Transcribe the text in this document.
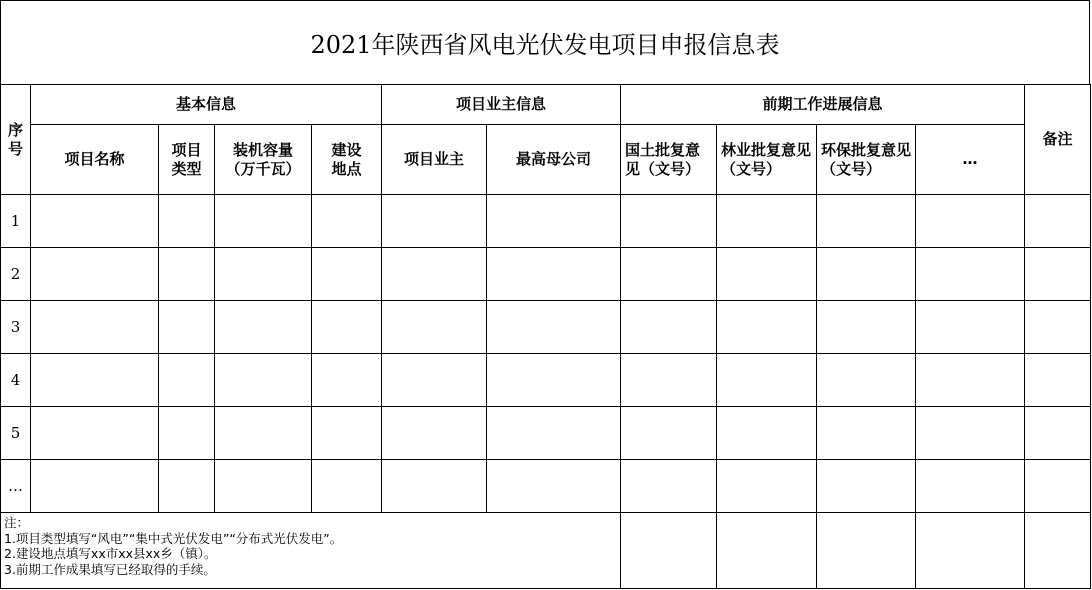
2021年陕西省风电光伏发电项目申报信息表
序号	基本信息				项目业主信息		前期工作进展信息				备注
	项目名称	项目类型	装机容量（万千瓦）	建设地点	项目业主	最高母公司	国土批复意见（文号）	林业批复意见（文号）	环保批复意见（文号）	…	
1											
2											
3											
4											
5											
…											

注：
1.项目类型填写“风电”“集中式光伏发电”“分布式光伏发电”。
2.建设地点填写xx市xx县xx乡（镇）。
3.前期工作成果填写已经取得的手续。											
